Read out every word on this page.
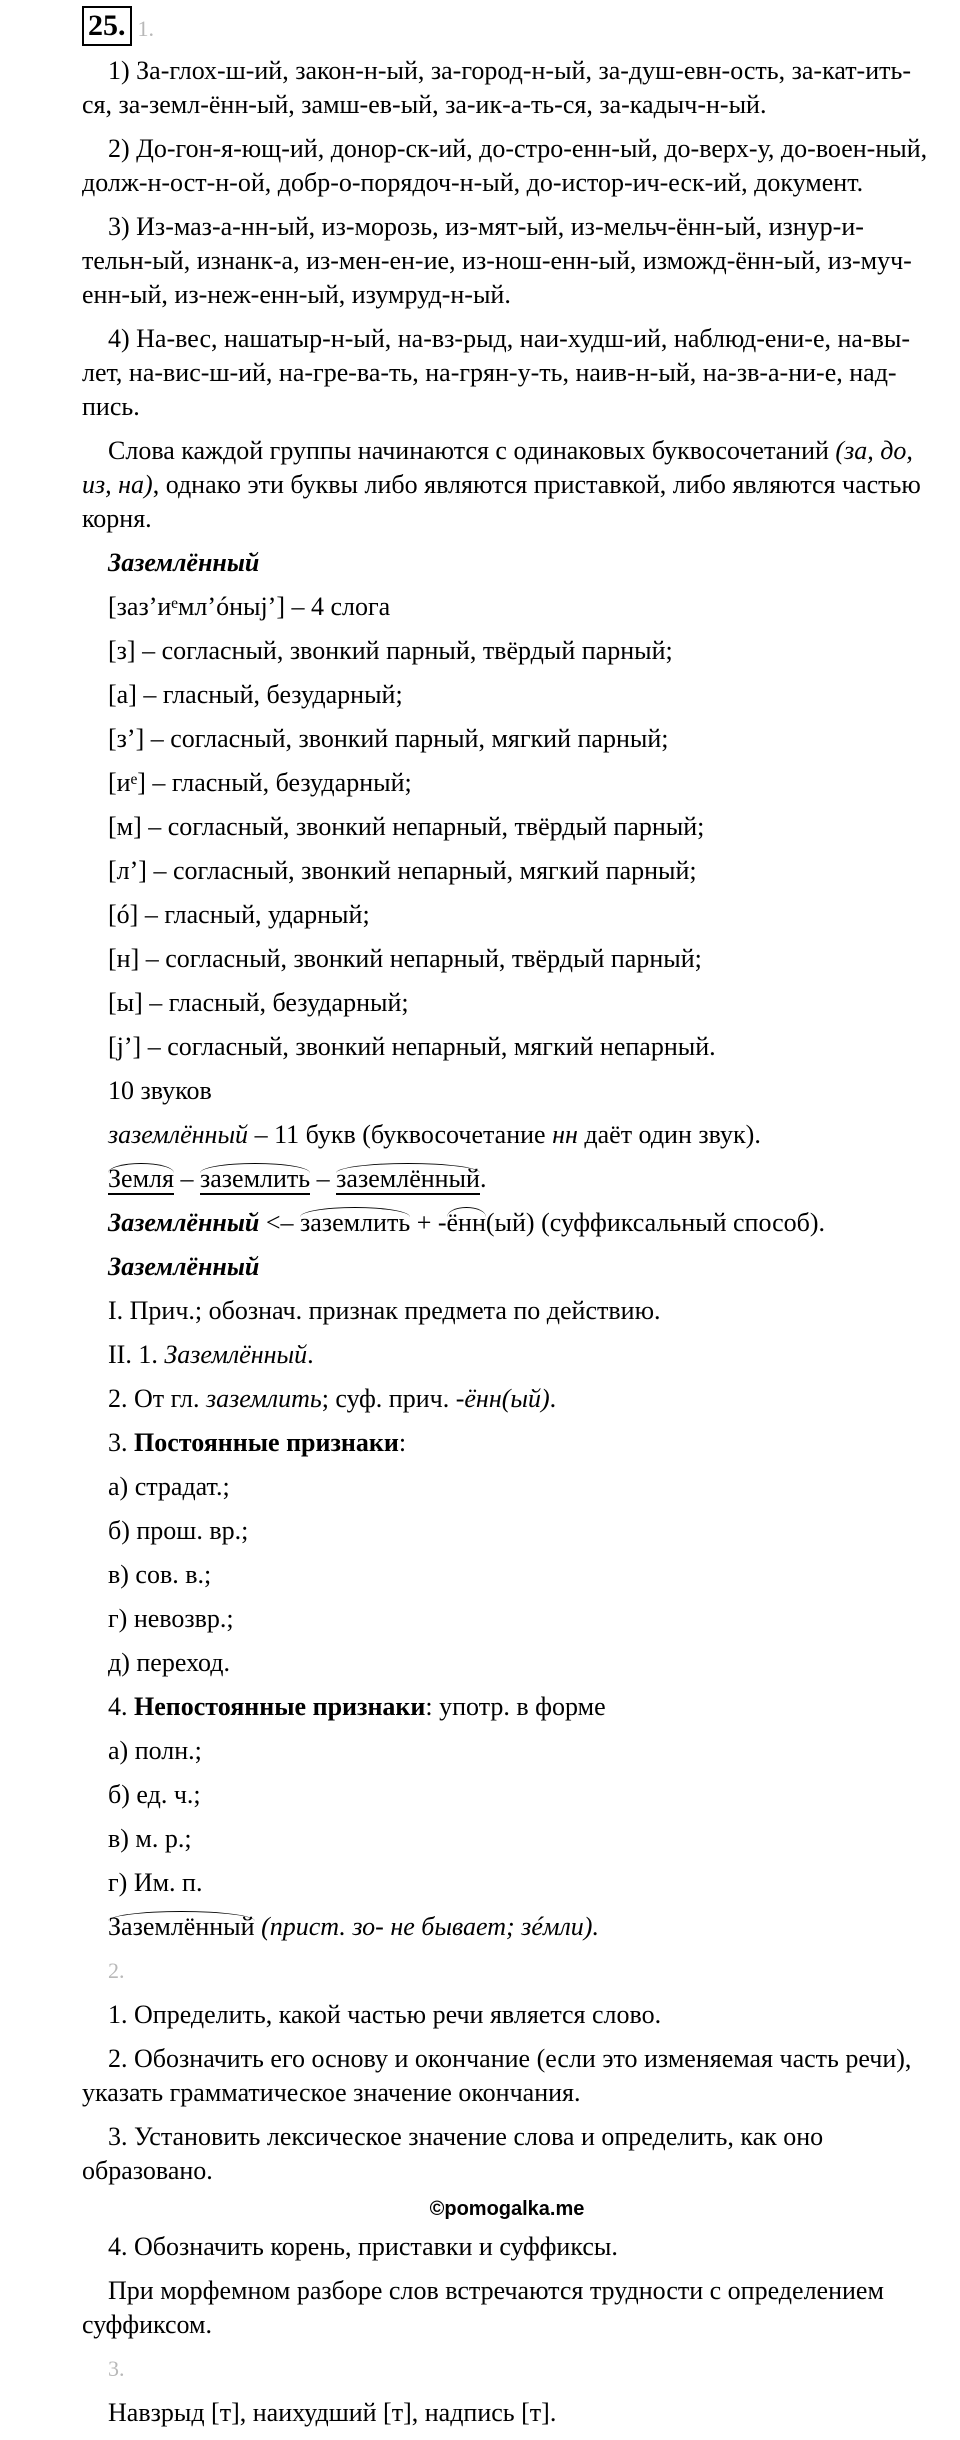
25. 1.

1) За-глох-ш-ий, закон-н-ый, за-город-н-ый, за-душ-евн-ость, за-кат-ить-ся, за-земл-ённ-ый, замш-ев-ый, за-ик-а-ть-ся, за-кадыч-н-ый.

2) До-гон-я-ющ-ий, донор-ск-ий, до-стро-енн-ый, до-верх-у, до-воен-ный, долж-н-ост-н-ой, добр-о-порядоч-н-ый, до-истор-ич-еск-ий, документ.

3) Из-маз-а-нн-ый, из-морозь, из-мят-ый, из-мельч-ённ-ый, изнур-и-тельн-ый, изнанк-а, из-мен-ен-ие, из-нош-енн-ый, изможд-ённ-ый, из-муч-енн-ый, из-неж-енн-ый, изумруд-н-ый.

4) На-вес, нашатыр-н-ый, на-вз-рыд, наи-худш-ий, наблюд-ени-е, на-вы-лет, на-вис-ш-ий, на-гре-ва-ть, на-грян-у-ть, наив-н-ый, на-зв-а-ни-е, над-пись.

Слова каждой группы начинаются с одинаковых буквосочетаний (за, до, из, на), однако эти буквы либо являются приставкой, либо являются частью корня.

Заземлённый

[заз’иᵉмл’óныj’] – 4 слога

[з] – согласный, звонкий парный, твёрдый парный;

[а] – гласный, безударный;

[з’] – согласный, звонкий парный, мягкий парный;

[иᵉ] – гласный, безударный;

[м] – согласный, звонкий непарный, твёрдый парный;

[л’] – согласный, звонкий непарный, мягкий парный;

[ó] – гласный, ударный;

[н] – согласный, звонкий непарный, твёрдый парный;

[ы] – гласный, безударный;

[j’] – согласный, звонкий непарный, мягкий непарный.

10 звуков

заземлённый – 11 букв (буквосочетание нн даёт один звук).

Земля – заземлить – заземлённый.

Заземлённый <– заземлить + -ённ(ый) (суффиксальный способ).

Заземлённый

I. Прич.; обознач. признак предмета по действию.

II. 1. Заземлённый.

2. От гл. заземлить; суф. прич. -ённ(ый).

3. Постоянные признаки:

а) страдат.;

б) прош. вр.;

в) сов. в.;

г) невозвр.;

д) переход.

4. Непостоянные признаки: употр. в форме

а) полн.;

б) ед. ч.;

в) м. р.;

г) Им. п.

Заземлённый (прист. зо- не бывает; зéмли).

2.

1. Определить, какой частью речи является слово.

2. Обозначить его основу и окончание (если это изменяемая часть речи), указать грамматическое значение окончания.

3. Установить лексическое значение слова и определить, как оно образовано.

©pomogalka.me

4. Обозначить корень, приставки и суффиксы.

При морфемном разборе слов встречаются трудности с определением суффиксом.

3.

Навзрыд [т], наихудший [т], надпись [т].
